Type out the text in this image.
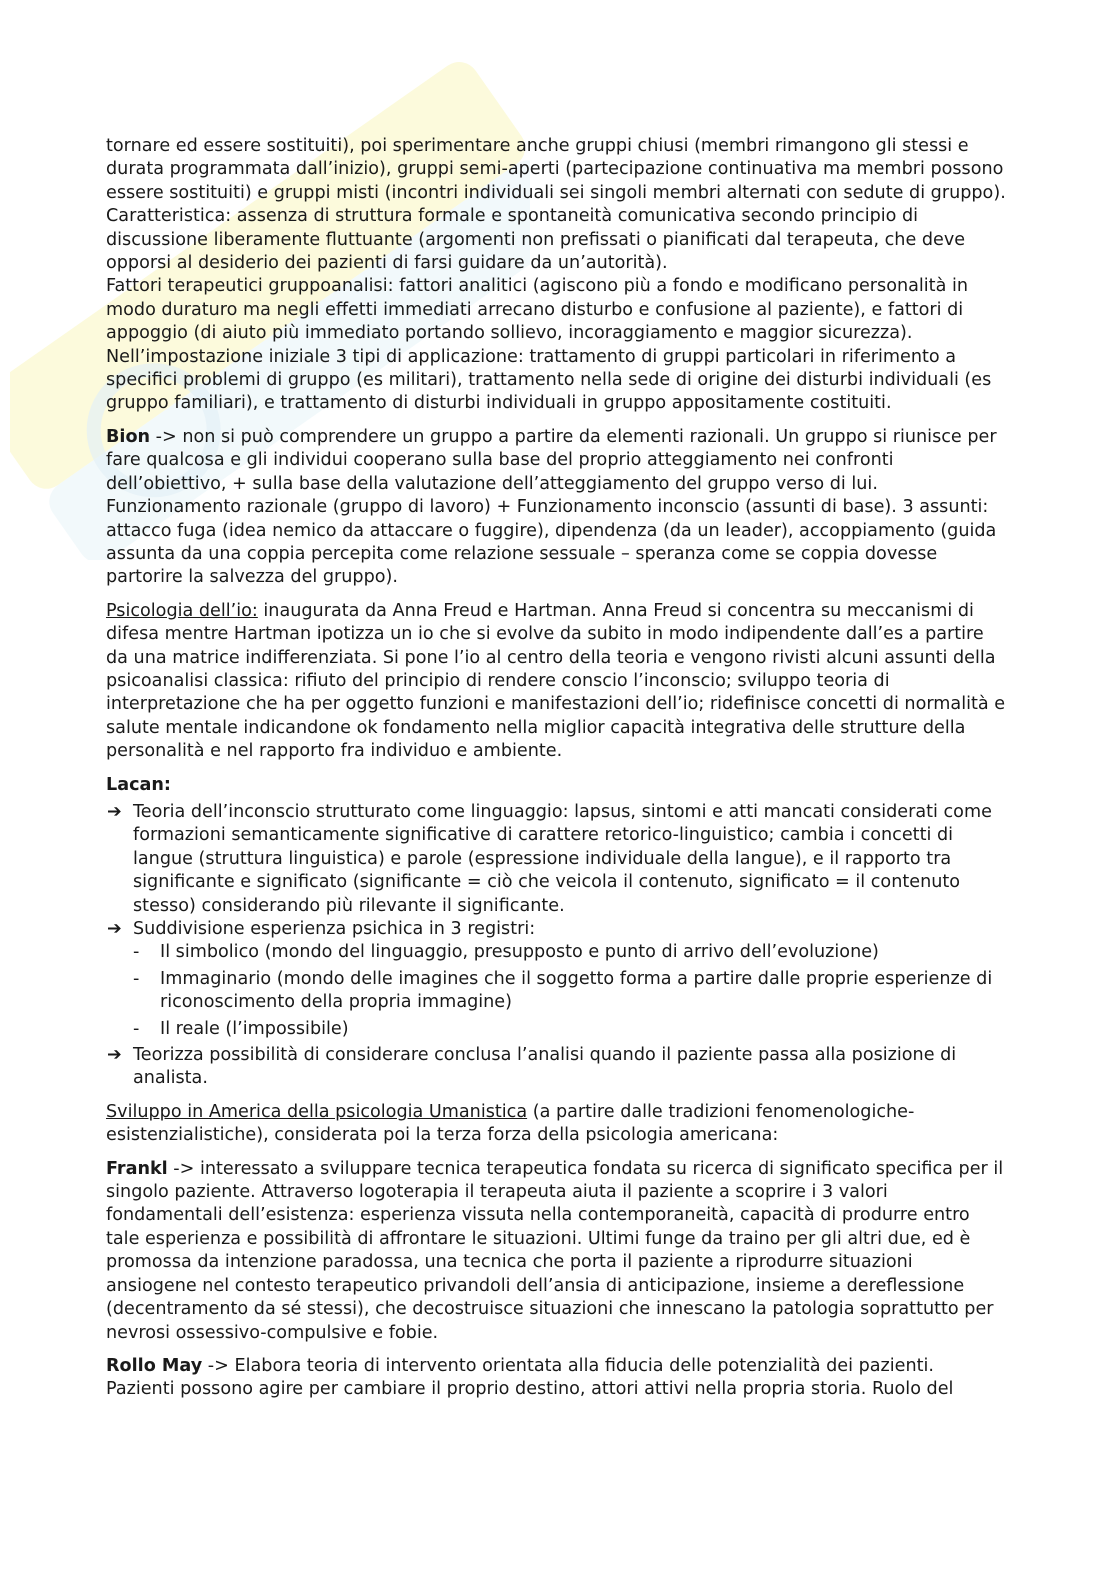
tornare ed essere sostituiti), poi sperimentare anche gruppi chiusi (membri rimangono gli stessi e durata programmata dall’inizio), gruppi semi-aperti (partecipazione continuativa ma membri possono essere sostituiti) e gruppi misti (incontri individuali sei singoli membri alternati con sedute di gruppo). Caratteristica: assenza di struttura formale e spontaneità comunicativa secondo principio di discussione liberamente fluttuante (argomenti non prefissati o pianificati dal terapeuta, che deve opporsi al desiderio dei pazienti di farsi guidare da un’autorità).

Fattori terapeutici gruppoanalisi: fattori analitici (agiscono più a fondo e modificano personalità in modo duraturo ma negli effetti immediati arrecano disturbo e confusione al paziente), e fattori di appoggio (di aiuto più immediato portando sollievo, incoraggiamento e maggior sicurezza).

Nell’impostazione iniziale 3 tipi di applicazione: trattamento di gruppi particolari in riferimento a specifici problemi di gruppo (es militari), trattamento nella sede di origine dei disturbi individuali (es gruppo familiari), e trattamento di disturbi individuali in gruppo appositamente costituiti.

Bion -> non si può comprendere un gruppo a partire da elementi razionali. Un gruppo si riunisce per fare qualcosa e gli individui cooperano sulla base del proprio atteggiamento nei confronti dell’obiettivo, + sulla base della valutazione dell’atteggiamento del gruppo verso di lui. Funzionamento razionale (gruppo di lavoro) + Funzionamento inconscio (assunti di base). 3 assunti: attacco fuga (idea nemico da attaccare o fuggire), dipendenza (da un leader), accoppiamento (guida assunta da una coppia percepita come relazione sessuale – speranza come se coppia dovesse partorire la salvezza del gruppo).

Psicologia dell’io: inaugurata da Anna Freud e Hartman. Anna Freud si concentra su meccanismi di difesa mentre Hartman ipotizza un io che si evolve da subito in modo indipendente dall’es a partire da una matrice indifferenziata. Si pone l’io al centro della teoria e vengono rivisti alcuni assunti della psicoanalisi classica: rifiuto del principio di rendere conscio l’inconscio; sviluppo teoria di interpretazione che ha per oggetto funzioni e manifestazioni dell’io; ridefinisce concetti di normalità e salute mentale indicandone ok fondamento nella miglior capacità integrativa delle strutture della personalità e nel rapporto fra individuo e ambiente.

Lacan:

➔ Teoria dell’inconscio strutturato come linguaggio: lapsus, sintomi e atti mancati considerati come formazioni semanticamente significative di carattere retorico-linguistico; cambia i concetti di langue (struttura linguistica) e parole (espressione individuale della langue), e il rapporto tra significante e significato (significante = ciò che veicola il contenuto, significato = il contenuto stesso) considerando più rilevante il significante.
➔ Suddivisione esperienza psichica in 3 registri:
- Il simbolico (mondo del linguaggio, presupposto e punto di arrivo dell’evoluzione)
- Immaginario (mondo delle imagines che il soggetto forma a partire dalle proprie esperienze di riconoscimento della propria immagine)
- Il reale (l’impossibile)
➔ Teorizza possibilità di considerare conclusa l’analisi quando il paziente passa alla posizione di analista.

Sviluppo in America della psicologia Umanistica (a partire dalle tradizioni fenomenologiche-esistenzialistiche), considerata poi la terza forza della psicologia americana:

Frankl -> interessato a sviluppare tecnica terapeutica fondata su ricerca di significato specifica per il singolo paziente. Attraverso logoterapia il terapeuta aiuta il paziente a scoprire i 3 valori fondamentali dell’esistenza: esperienza vissuta nella contemporaneità, capacità di produrre entro tale esperienza e possibilità di affrontare le situazioni. Ultimi funge da traino per gli altri due, ed è promossa da intenzione paradossa, una tecnica che porta il paziente a riprodurre situazioni ansiogene nel contesto terapeutico privandoli dell’ansia di anticipazione, insieme a dereflessione (decentramento da sé stessi), che decostruisce situazioni che innescano la patologia soprattutto per nevrosi ossessivo-compulsive e fobie.

Rollo May -> Elabora teoria di intervento orientata alla fiducia delle potenzialità dei pazienti. Pazienti possono agire per cambiare il proprio destino, attori attivi nella propria storia. Ruolo del
